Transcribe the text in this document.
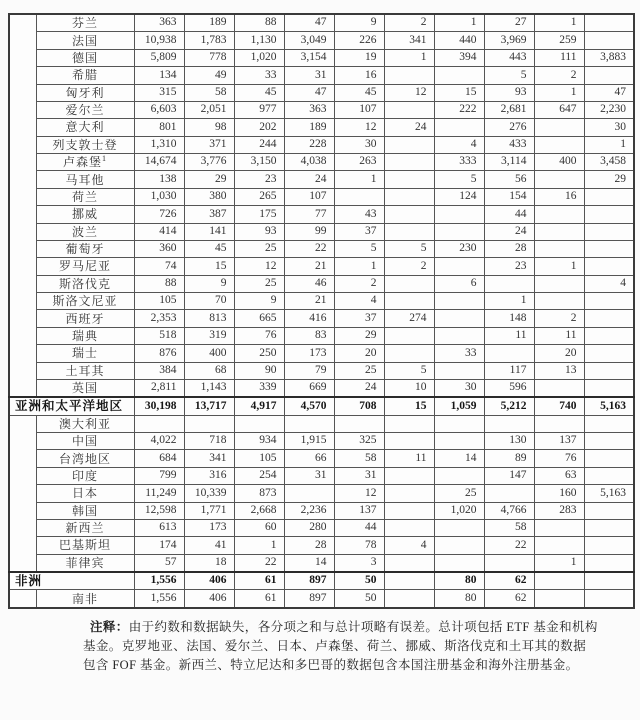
	芬兰	363	189	88	47	9	2	1	27	1	
	法国	10,938	1,783	1,130	3,049	226	341	440	3,969	259	
	德国	5,809	778	1,020	3,154	19	1	394	443	111	3,883
	希腊	134	49	33	31	16			5	2	
	匈牙利	315	58	45	47	45	12	15	93	1	47
	爱尔兰	6,603	2,051	977	363	107		222	2,681	647	2,230
	意大利	801	98	202	189	12	24		276		30
	列支敦士登	1,310	371	244	228	30		4	433		1
	卢森堡$^1$	14,674	3,776	3,150	4,038	263		333	3,114	400	3,458
	马耳他	138	29	23	24	1		5	56		29
	荷兰	1,030	380	265	107			124	154	16	
	挪威	726	387	175	77	43			44		
	波兰	414	141	93	99	37			24		
	葡萄牙	360	45	25	22	5	5	230	28		
	罗马尼亚	74	15	12	21	1	2		23	1	
	斯洛伐克	88	9	25	46	2		6			4
	斯洛文尼亚	105	70	9	21	4			1		
	西班牙	2,353	813	665	416	37	274		148	2	
	瑞典	518	319	76	83	29			11	11	
	瑞士	876	400	250	173	20		33		20	
	土耳其	384	68	90	79	25	5		117	13	
	英国	2,811	1,143	339	669	24	10	30	596		
亚洲和太平洋地区		30,198	13,717	4,917	4,570	708	15	1,059	5,212	740	5,163
	澳大利亚										
	中国	4,022	718	934	1,915	325			130	137	
	台湾地区	684	341	105	66	58	11	14	89	76	
	印度	799	316	254	31	31			147	63	
	日本	11,249	10,339	873		12		25		160	5,163
	韩国	12,598	1,771	2,668	2,236	137		1,020	4,766	283	
	新西兰	613	173	60	280	44			58		
	巴基斯坦	174	41	1	28	78	4		22		
	菲律宾	57	18	22	14	3				1	
非洲		1,556	406	61	897	50		80	62		
	南非	1,556	406	61	897	50		80	62		
注释：由于约数和数据缺失，各分项之和与总计项略有误差。总计项包括 ETF 基金和机构
基金。克罗地亚、法国、爱尔兰、日本、卢森堡、荷兰、挪威、斯洛伐克和土耳其的数据
包含 FOF 基金。新西兰、特立尼达和多巴哥的数据包含本国注册基金和海外注册基金。
